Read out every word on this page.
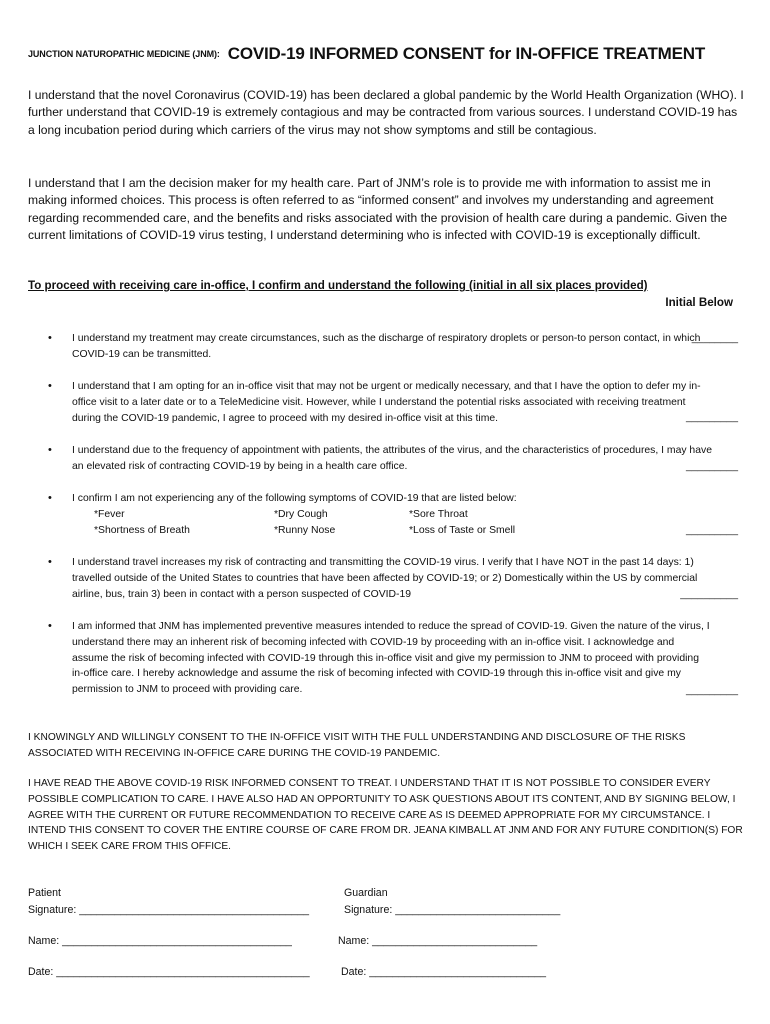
JUNCTION NATUROPATHIC MEDICINE (JNM): COVID-19 INFORMED CONSENT for IN-OFFICE TREATMENT

I understand that the novel Coronavirus (COVID-19) has been declared a global pandemic by the World Health Organization (WHO). I further understand that COVID-19 is extremely contagious and may be contracted from various sources. I understand COVID-19 has a long incubation period during which carriers of the virus may not show symptoms and still be contagious.

I understand that I am the decision maker for my health care. Part of JNM’s role is to provide me with information to assist me in making informed choices. This process is often referred to as “informed consent” and involves my understanding and agreement regarding recommended care, and the benefits and risks associated with the provision of health care during a pandemic. Given the current limitations of COVID-19 virus testing, I understand determining who is infected with COVID-19 is exceptionally difficult.

To proceed with receiving care in-office, I confirm and understand the following (initial in all six places provided)
Initial Below
• I understand my treatment may create circumstances, such as the discharge of respiratory droplets or person-to person contact, in which COVID-19 can be transmitted.
________
• I understand that I am opting for an in-office visit that may not be urgent or medically necessary, and that I have the option to defer my in-office visit to a later date or to a TeleMedicine visit. However, while I understand the potential risks associated with receiving treatment during the COVID-19 pandemic, I agree to proceed with my desired in-office visit at this time.	_________
• I understand due to the frequency of appointment with patients, the attributes of the virus, and the characteristics of procedures, I may have an elevated risk of contracting COVID-19 by being in a health care office.	_________
• I confirm I am not experiencing any of the following symptoms of COVID-19 that are listed below:
*Fever	*Dry Cough	*Sore Throat
*Shortness of Breath	*Runny Nose	*Loss of Taste or Smell	_________
• I understand travel increases my risk of contracting and transmitting the COVID-19 virus. I verify that I have NOT in the past 14 days: 1) travelled outside of the United States to countries that have been affected by COVID-19; or 2) Domestically within the US by commercial airline, bus, train 3) been in contact with a person suspected of COVID-19	__________
• I am informed that JNM has implemented preventive measures intended to reduce the spread of COVID-19. Given the nature of the virus, I understand there may an inherent risk of becoming infected with COVID-19 by proceeding with an in-office visit. I acknowledge and assume the risk of becoming infected with COVID-19 through this in-office visit and give my permission to JNM to proceed with providing in-office care. I hereby acknowledge and assume the risk of becoming infected with COVID-19 through this in-office visit and give my permission to JNM to proceed with providing care.	_________

I KNOWINGLY AND WILLINGLY CONSENT TO THE IN-OFFICE VISIT WITH THE FULL UNDERSTANDING AND DISCLOSURE OF THE RISKS ASSOCIATED WITH RECEIVING IN-OFFICE CARE DURING THE COVID-19 PANDEMIC.

I HAVE READ THE ABOVE COVID-19 RISK INFORMED CONSENT TO TREAT. I UNDERSTAND THAT IT IS NOT POSSIBLE TO CONSIDER EVERY POSSIBLE COMPLICATION TO CARE. I HAVE ALSO HAD AN OPPORTUNITY TO ASK QUESTIONS ABOUT ITS CONTENT, AND BY SIGNING BELOW, I AGREE WITH THE CURRENT OR FUTURE RECOMMENDATION TO RECEIVE CARE AS IS DEEMED APPROPRIATE FOR MY CIRCUMSTANCE. I INTEND THIS CONSENT TO COVER THE ENTIRE COURSE OF CARE FROM DR. JEANA KIMBALL AT JNM AND FOR ANY FUTURE CONDITION(S) FOR WHICH I SEEK CARE FROM THIS OFFICE.

Patient
Signature: _______________________________________
Name: _______________________________________
Date: ___________________________________________
Guardian
Signature: ____________________________
Name: ____________________________
Date: ______________________________
